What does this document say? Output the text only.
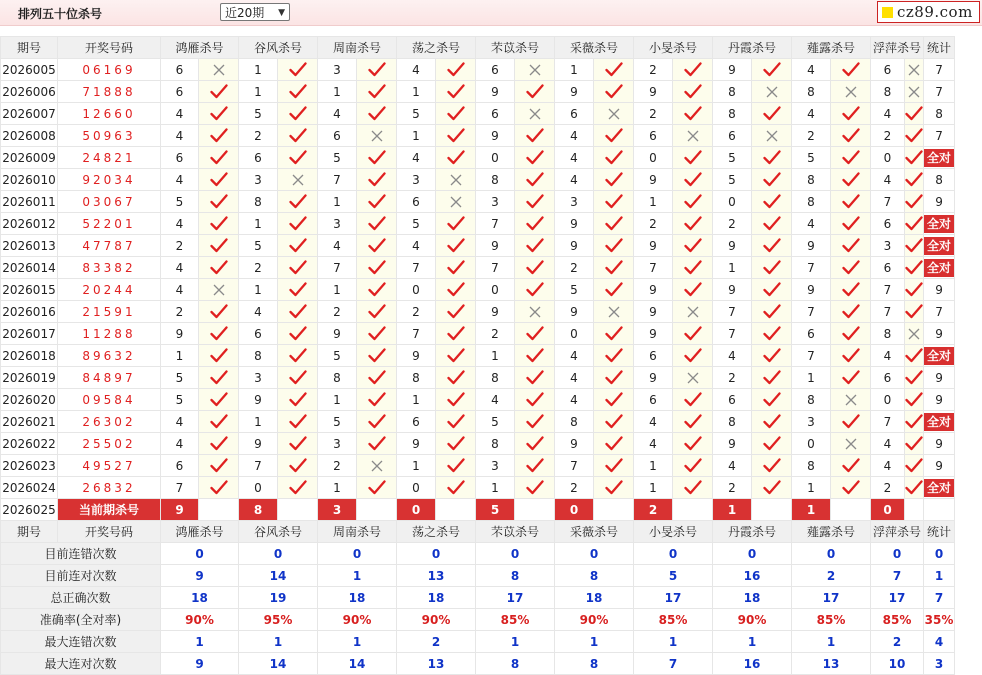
排列五十位杀号	近20期 ▼	cz89.com
期号	开奖号码	鸿雁杀号		谷风杀号		周南杀号		荡之杀号		芣苡杀号		采薇杀号		小旻杀号		丹霞杀号		薤露杀号		浮萍杀号		统计
2026005	06169	6		1		3		4		6		1		2		9		4		6		7
2026006	71888	6		1		1		1		9		9		9		8		8		8		7
2026007	12660	4		5		4		5		6		6		2		8		4		4		8
2026008	50963	4		2		6		1		9		4		6		6		2		2		7
2026009	24821	6		6		5		4		0		4		0		5		5		0		全对
2026010	92034	4		3		7		3		8		4		9		5		8		4		8
2026011	03067	5		8		1		6		3		3		1		0		8		7		9
2026012	52201	4		1		3		5		7		9		2		2		4		6		全对
2026013	47787	2		5		4		4		9		9		9		9		9		3		全对
2026014	83382	4		2		7		7		7		2		7		1		7		6		全对
2026015	20244	4		1		1		0		0		5		9		9		9		7		9
2026016	21591	2		4		2		2		9		9		9		7		7		7		7
2026017	11288	9		6		9		7		2		0		9		7		6		8		9
2026018	89632	1		8		5		9		1		4		6		4		7		4		全对
2026019	84897	5		3		8		8		8		4		9		2		1		6		9
2026020	09584	5		9		1		1		4		4		6		6		8		0		9
2026021	26302	4		1		5		6		5		8		4		8		3		7		全对
2026022	25502	4		9		3		9		8		9		4		9		0		4		9
2026023	49527	6		7		2		1		3		7		1		4		8		4		9
2026024	26832	7		0		1		0		1		2		1		2		1		2		全对
2026025	当前期杀号	9		8		3		0		5		0		2		1		1		0		
期号	开奖号码	鸿雁杀号		谷风杀号		周南杀号		荡之杀号		芣苡杀号		采薇杀号		小旻杀号		丹霞杀号		薤露杀号		浮萍杀号		统计
目前连错次数		0		0		0		0		0		0		0		0		0		0		0
目前连对次数		9		14		1		13		8		8		5		16		2		7		1
总正确次数		18		19		18		18		17		18		17		18		17		17		7
准确率(全对率)		90%		95%		90%		90%		85%		90%		85%		90%		85%		85%		35%
最大连错次数		1		1		1		2		1		1		1		1		1		2		4
最大连对次数		9		14		14		13		8		8		7		16		13		10		3
